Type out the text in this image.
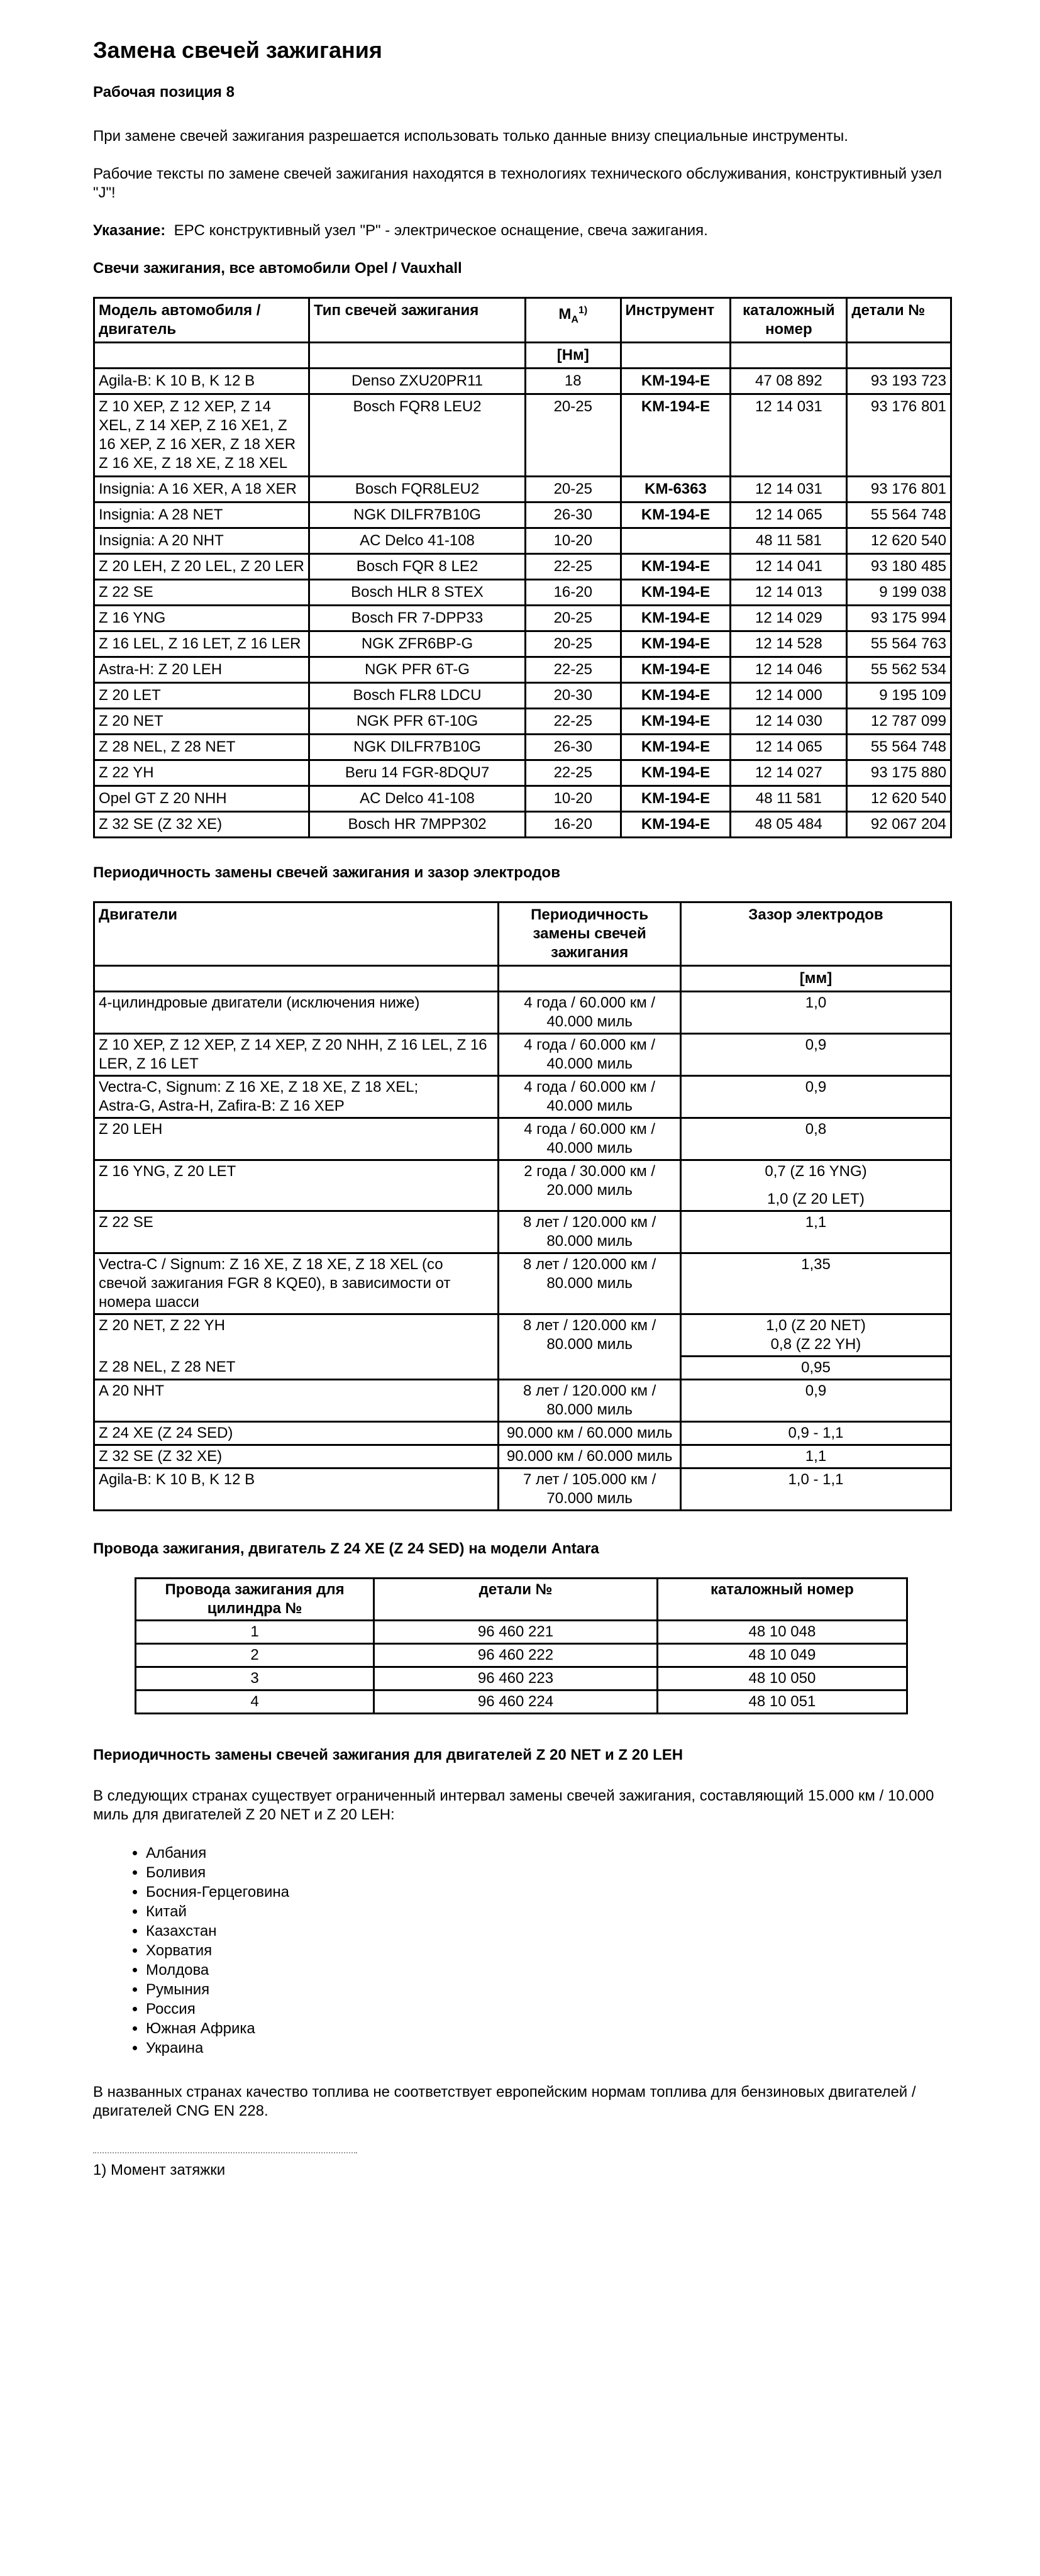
Замена свечей зажигания
Рабочая позиция 8

При замене свечей зажигания разрешается использовать только данные внизу специальные инструменты.

Рабочие тексты по замене свечей зажигания находятся в технологиях технического обслуживания, конструктивный узел "J"!

Указание: EPC конструктивный узел "P" - электрическое оснащение, свеча зажигания.

Свечи зажигания, все автомобили Opel / Vauxhall
Модель автомобиля / двигатель	Тип свечей зажигания	$M_A^{1)}$	Инструмент	каталожный номер	детали №
		[Нм]			

Agila-B: K 10 B, K 12 B	Denso ZXU20PR11	18	KM-194-E	47 08 892	93 193 723

Z 10 XEP, Z 12 XEP, Z 14 XEL, Z 14 XEP, Z 16 XE1, Z 16 XEP, Z 16 XER, Z 18 XER
Z 16 XE, Z 18 XE, Z 18 XEL	Bosch FQR8 LEU2	20-25	KM-194-E	12 14 031	93 176 801

Insignia: A 16 XER, A 18 XER	Bosch FQR8LEU2	20-25	KM-6363	12 14 031	93 176 801

Insignia: A 28 NET	NGK DILFR7B10G	26-30	KM-194-E	12 14 065	55 564 748

Insignia: A 20 NHT	AC Delco 41-108	10-20		48 11 581	12 620 540

Z 20 LEH, Z 20 LEL, Z 20 LER	Bosch FQR 8 LE2	22-25	KM-194-E	12 14 041	93 180 485

Z 22 SE	Bosch HLR 8 STEX	16-20	KM-194-E	12 14 013	9 199 038

Z 16 YNG	Bosch FR 7-DPP33	20-25	KM-194-E	12 14 029	93 175 994

Z 16 LEL, Z 16 LET, Z 16 LER	NGK ZFR6BP-G	20-25	KM-194-E	12 14 528	55 564 763

Astra-H: Z 20 LEH	NGK PFR 6T-G	22-25	KM-194-E	12 14 046	55 562 534

Z 20 LET	Bosch FLR8 LDCU	20-30	KM-194-E	12 14 000	9 195 109

Z 20 NET	NGK PFR 6T-10G	22-25	KM-194-E	12 14 030	12 787 099

Z 28 NEL, Z 28 NET	NGK DILFR7B10G	26-30	KM-194-E	12 14 065	55 564 748

Z 22 YH	Beru 14 FGR-8DQU7	22-25	KM-194-E	12 14 027	93 175 880

Opel GT Z 20 NHH	AC Delco 41-108	10-20	KM-194-E	48 11 581	12 620 540

Z 32 SE (Z 32 XE)	Bosch HR 7MPP302	16-20	KM-194-E	48 05 484	92 067 204
Периодичность замены свечей зажигания и зазор электродов
Двигатели	Периодичность замены свечей зажигания	Зазор электродов
		[мм]

4-цилиндровые двигатели (исключения ниже)	4 года / 60.000 км / 40.000 миль	1,0

Z 10 XEP, Z 12 XEP, Z 14 XEP, Z 20 NHH, Z 16 LEL, Z 16 LER, Z 16 LET	4 года / 60.000 км / 40.000 миль	0,9

Vectra-C, Signum: Z 16 XE, Z 18 XE, Z 18 XEL;
Astra-G, Astra-H, Zafira-B: Z 16 XEP	4 года / 60.000 км / 40.000 миль	0,9

Z 20 LEH	4 года / 60.000 км / 40.000 миль	0,8

Z 16 YNG, Z 20 LET	2 года / 30.000 км / 20.000 миль	0,7 (Z 16 YNG)
1,0 (Z 20 LET)

Z 22 SE	8 лет / 120.000 км / 80.000 миль	1,1

Vectra-C / Signum: Z 16 XE, Z 18 XE, Z 18 XEL (со свечой зажигания FGR 8 KQE0), в зависимости от номера шасси	8 лет / 120.000 км / 80.000 миль	1,35

Z 20 NET, Z 22 YH	8 лет / 120.000 км / 80.000 миль	1,0 (Z 20 NET)
0,8 (Z 22 YH)

Z 28 NEL, Z 28 NET		0,95

A 20 NHT	8 лет / 120.000 км / 80.000 миль	0,9

Z 24 XE (Z 24 SED)	90.000 км / 60.000 миль	0,9 - 1,1

Z 32 SE (Z 32 XE)	90.000 км / 60.000 миль	1,1

Agila-B: K 10 B, K 12 B	7 лет / 105.000 км / 70.000 миль	1,0 - 1,1
Провода зажигания, двигатель Z 24 XE (Z 24 SED) на модели Antara
Провода зажигания для цилиндра №	детали №	каталожный номер
1	96 460 221	48 10 048
2	96 460 222	48 10 049
3	96 460 223	48 10 050
4	96 460 224	48 10 051
Периодичность замены свечей зажигания для двигателей Z 20 NET и Z 20 LEH

В следующих странах существует ограниченный интервал замены свечей зажигания, составляющий 15.000 км / 10.000 миль для двигателей Z 20 NET и Z 20 LEH:

• Албания
• Боливия
• Босния-Герцеговина
• Китай
• Казахстан
• Хорватия
• Молдова
• Румыния
• Россия
• Южная Африка
• Украина

В названных странах качество топлива не соответствует европейским нормам топлива для бензиновых двигателей / двигателей CNG EN 228.

1) Момент затяжки
